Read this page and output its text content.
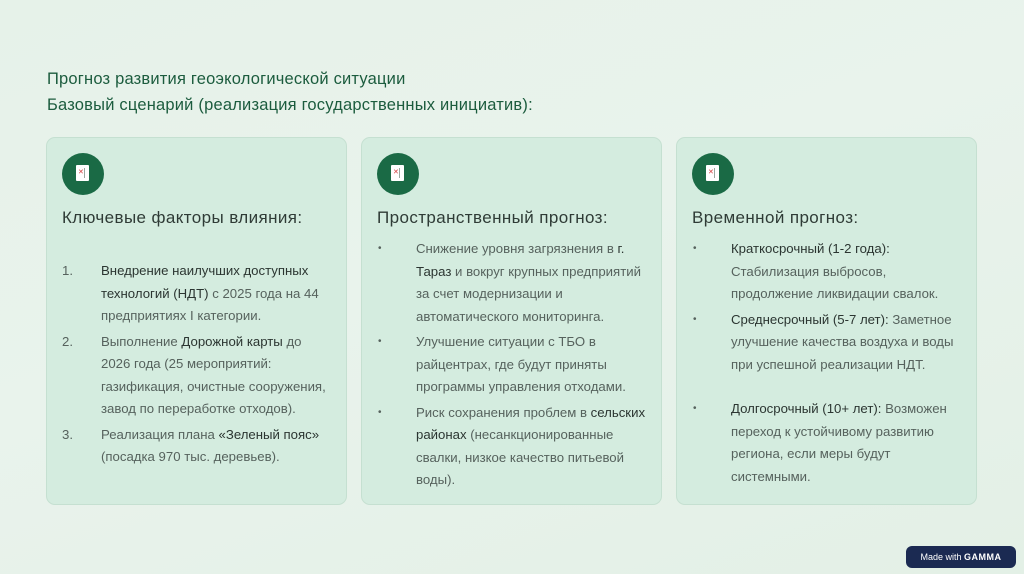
Прогноз развития геоэкологической ситуации
Базовый сценарий (реализация государственных инициатив):
✕
Ключевые факторы влияния:
1. Внедрение наилучших доступных технологий (НДТ) с 2025 года на 44 предприятиях I категории.
2. Выполнение Дорожной карты до 2026 года (25 мероприятий: газификация, очистные сооружения, завод по переработке отходов).
3. Реализация плана «Зеленый пояс» (посадка 970 тыс. деревьев).
✕
Пространственный прогноз:
•	Снижение уровня загрязнения в г. Тараз и вокруг крупных предприятий за счет модернизации и автоматического мониторинга.
•	Улучшение ситуации с ТБО в райцентрах, где будут приняты программы управления отходами.
•	Риск сохранения проблем в сельских районах (несанкционированные свалки, низкое качество питьевой воды).
✕
Временной прогноз:
•	Краткосрочный (1-2 года): Стабилизация выбросов, продолжение ликвидации свалок.
•	Среднесрочный (5-7 лет): Заметное улучшение качества воздуха и воды при успешной реализации НДТ.
•	Долгосрочный (10+ лет): Возможен переход к устойчивому развитию региона, если меры будут системными.
Made with GAMMA
